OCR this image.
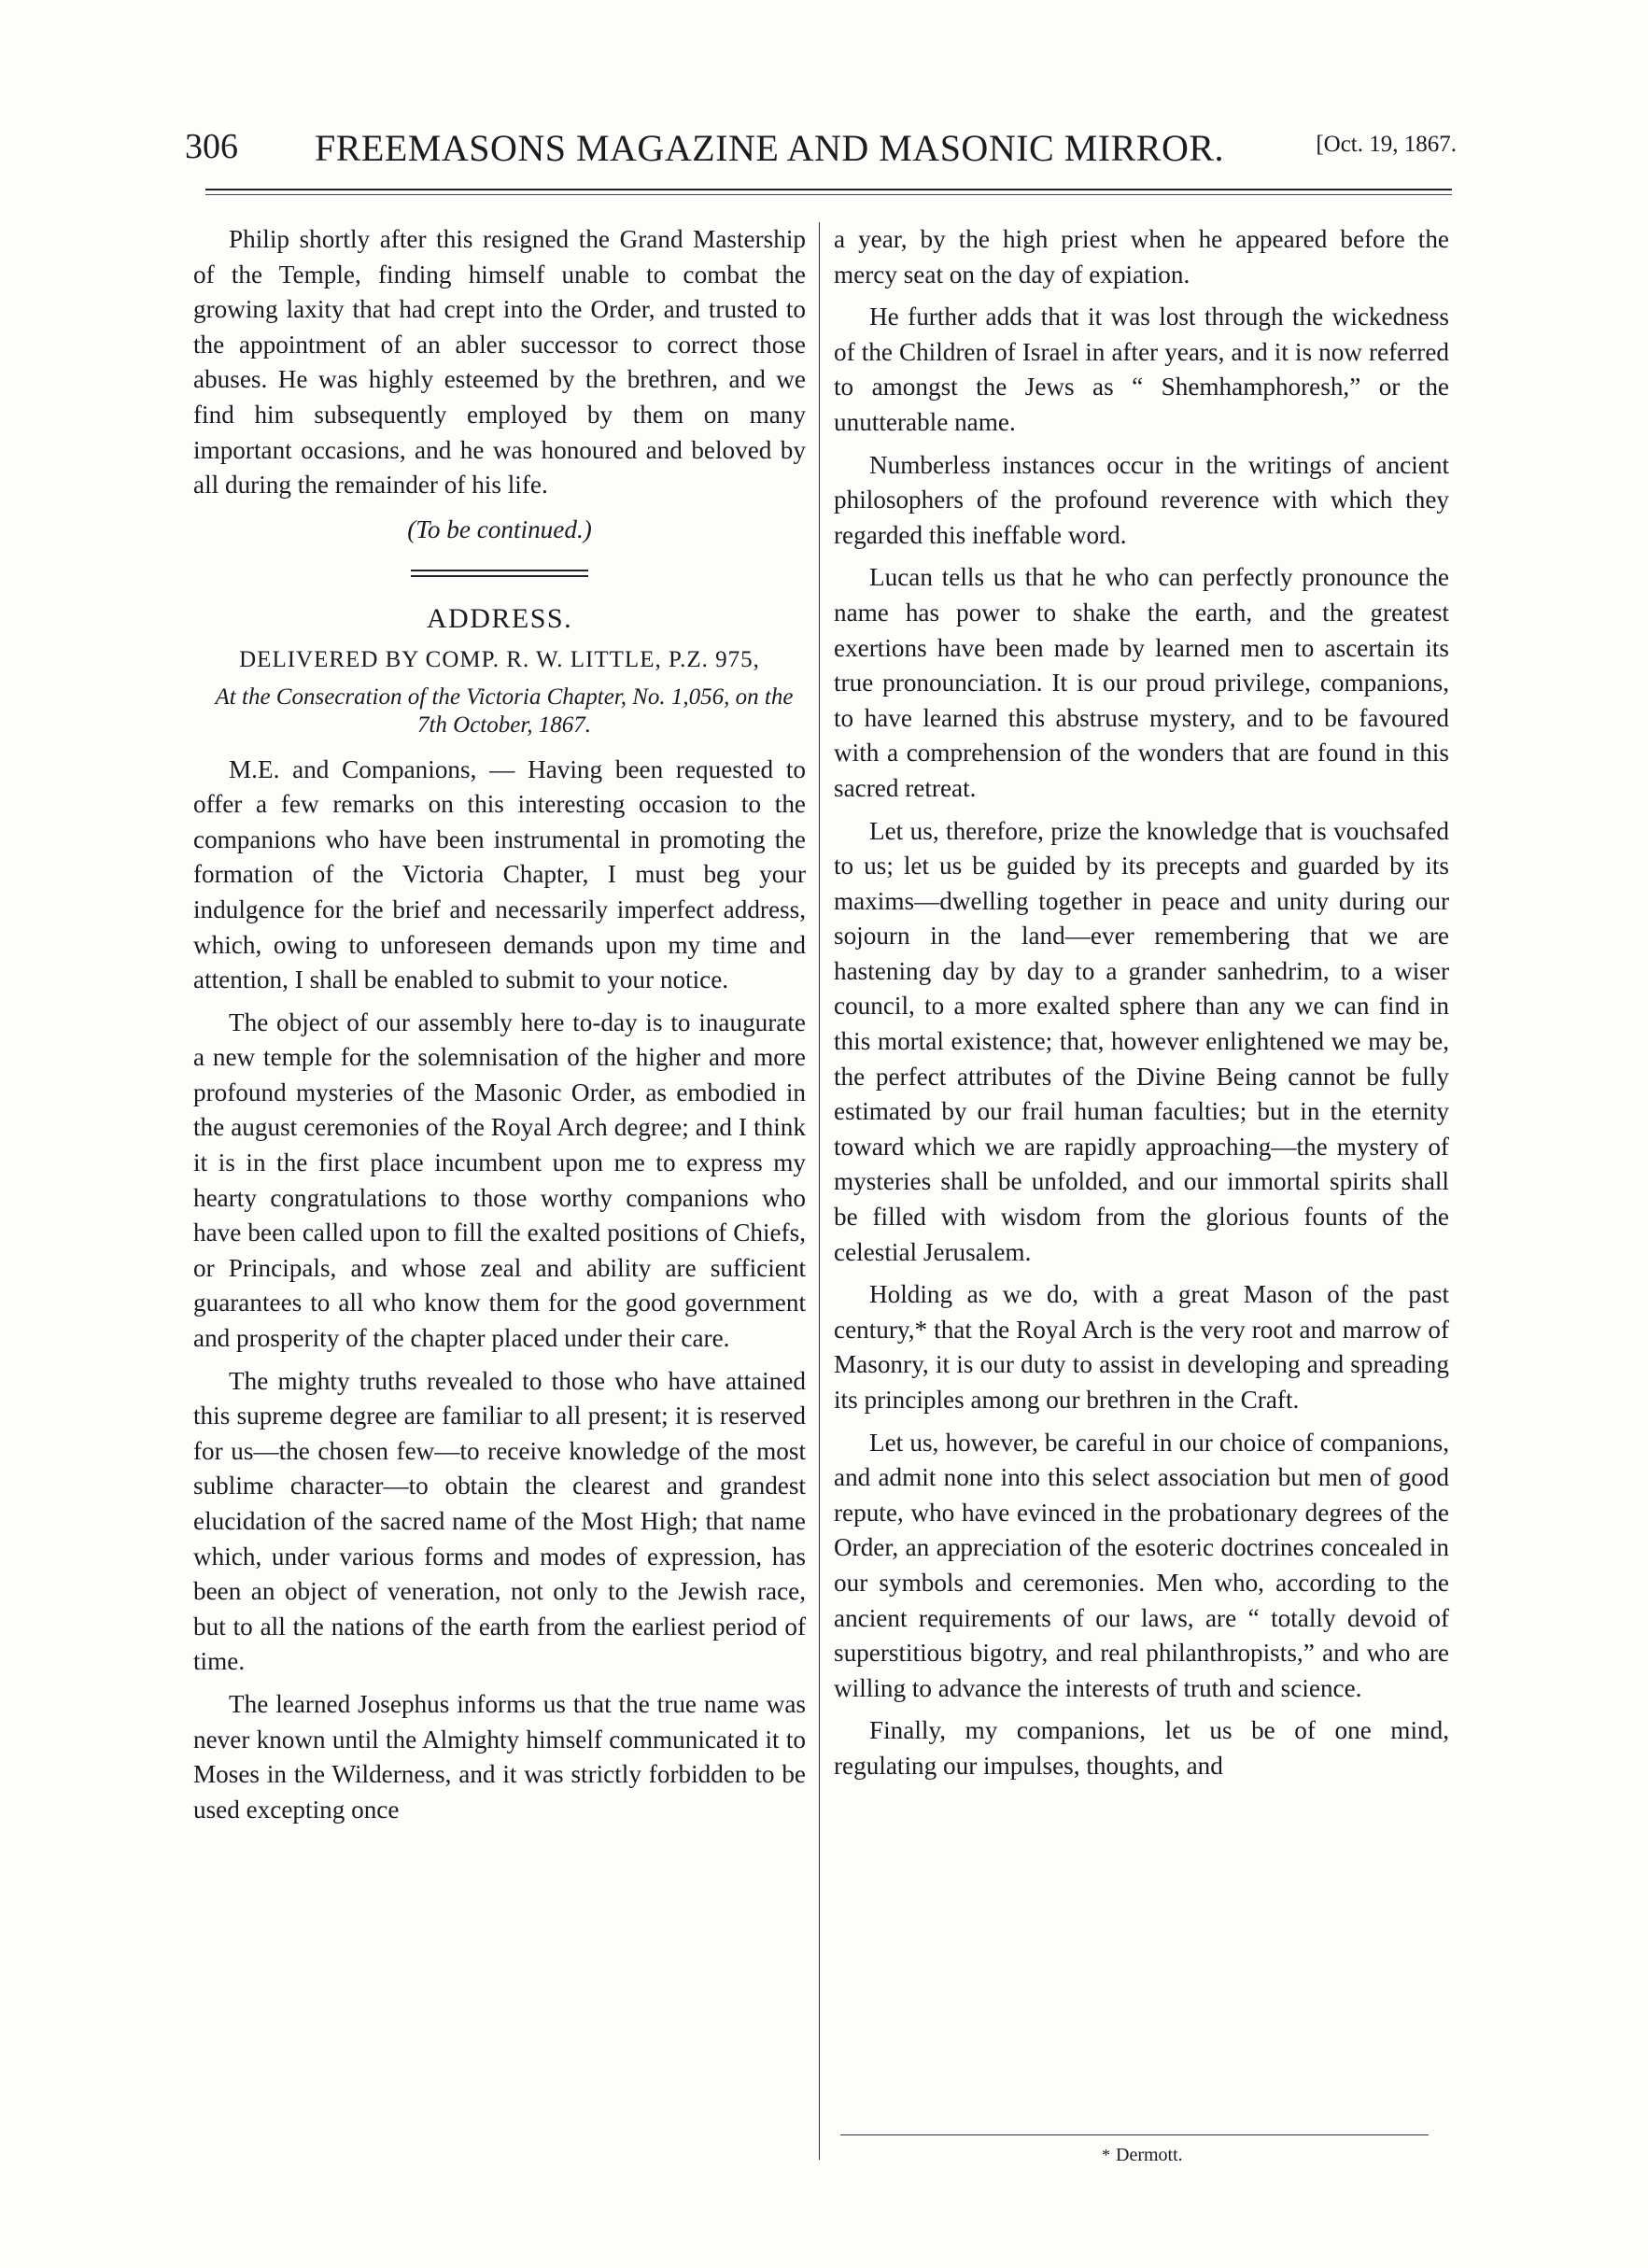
306	FREEMASONS MAGAZINE AND MASONIC MIRROR.	[Oct. 19, 1867.

Philip shortly after this resigned the Grand Mastership of the Temple, finding himself unable to combat the growing laxity that had crept into the Order, and trusted to the appointment of an abler successor to correct those abuses. He was highly esteemed by the brethren, and we find him subsequently employed by them on many important occasions, and he was honoured and beloved by all during the remainder of his life.

(To be continued.)
ADDRESS.
DELIVERED BY COMP. R. W. LITTLE, P.Z. 975,
At the Consecration of the Victoria Chapter, No. 1,056, on the 7th October, 1867.

M.E. and Companions, — Having been requested to offer a few remarks on this interesting occasion to the companions who have been instrumental in promoting the formation of the Victoria Chapter, I must beg your indulgence for the brief and necessarily imperfect address, which, owing to unforeseen demands upon my time and attention, I shall be enabled to submit to your notice.

The object of our assembly here to-day is to inaugurate a new temple for the solemnisation of the higher and more profound mysteries of the Masonic Order, as embodied in the august ceremonies of the Royal Arch degree; and I think it is in the first place incumbent upon me to express my hearty congratulations to those worthy companions who have been called upon to fill the exalted positions of Chiefs, or Principals, and whose zeal and ability are sufficient guarantees to all who know them for the good government and prosperity of the chapter placed under their care.

The mighty truths revealed to those who have attained this supreme degree are familiar to all present; it is reserved for us—the chosen few—to receive knowledge of the most sublime character—to obtain the clearest and grandest elucidation of the sacred name of the Most High; that name which, under various forms and modes of expression, has been an object of veneration, not only to the Jewish race, but to all the nations of the earth from the earliest period of time.

The learned Josephus informs us that the true name was never known until the Almighty himself communicated it to Moses in the Wilderness, and it was strictly forbidden to be used excepting once

a year, by the high priest when he appeared before the mercy seat on the day of expiation.

He further adds that it was lost through the wickedness of the Children of Israel in after years, and it is now referred to amongst the Jews as “ Shemhamphoresh,” or the unutterable name.

Numberless instances occur in the writings of ancient philosophers of the profound reverence with which they regarded this ineffable word.

Lucan tells us that he who can perfectly pronounce the name has power to shake the earth, and the greatest exertions have been made by learned men to ascertain its true pronounciation. It is our proud privilege, companions, to have learned this abstruse mystery, and to be favoured with a comprehension of the wonders that are found in this sacred retreat.

Let us, therefore, prize the knowledge that is vouchsafed to us; let us be guided by its precepts and guarded by its maxims—dwelling together in peace and unity during our sojourn in the land—ever remembering that we are hastening day by day to a grander sanhedrim, to a wiser council, to a more exalted sphere than any we can find in this mortal existence; that, however enlightened we may be, the perfect attributes of the Divine Being cannot be fully estimated by our frail human faculties; but in the eternity toward which we are rapidly approaching—the mystery of mysteries shall be unfolded, and our immortal spirits shall be filled with wisdom from the glorious founts of the celestial Jerusalem.

Holding as we do, with a great Mason of the past century,* that the Royal Arch is the very root and marrow of Masonry, it is our duty to assist in developing and spreading its principles among our brethren in the Craft.

Let us, however, be careful in our choice of companions, and admit none into this select association but men of good repute, who have evinced in the probationary degrees of the Order, an appreciation of the esoteric doctrines concealed in our symbols and ceremonies. Men who, according to the ancient requirements of our laws, are “ totally devoid of superstitious bigotry, and real philanthropists,” and who are willing to advance the interests of truth and science.

Finally, my companions, let us be of one mind, regulating our impulses, thoughts, and

* Dermott.
